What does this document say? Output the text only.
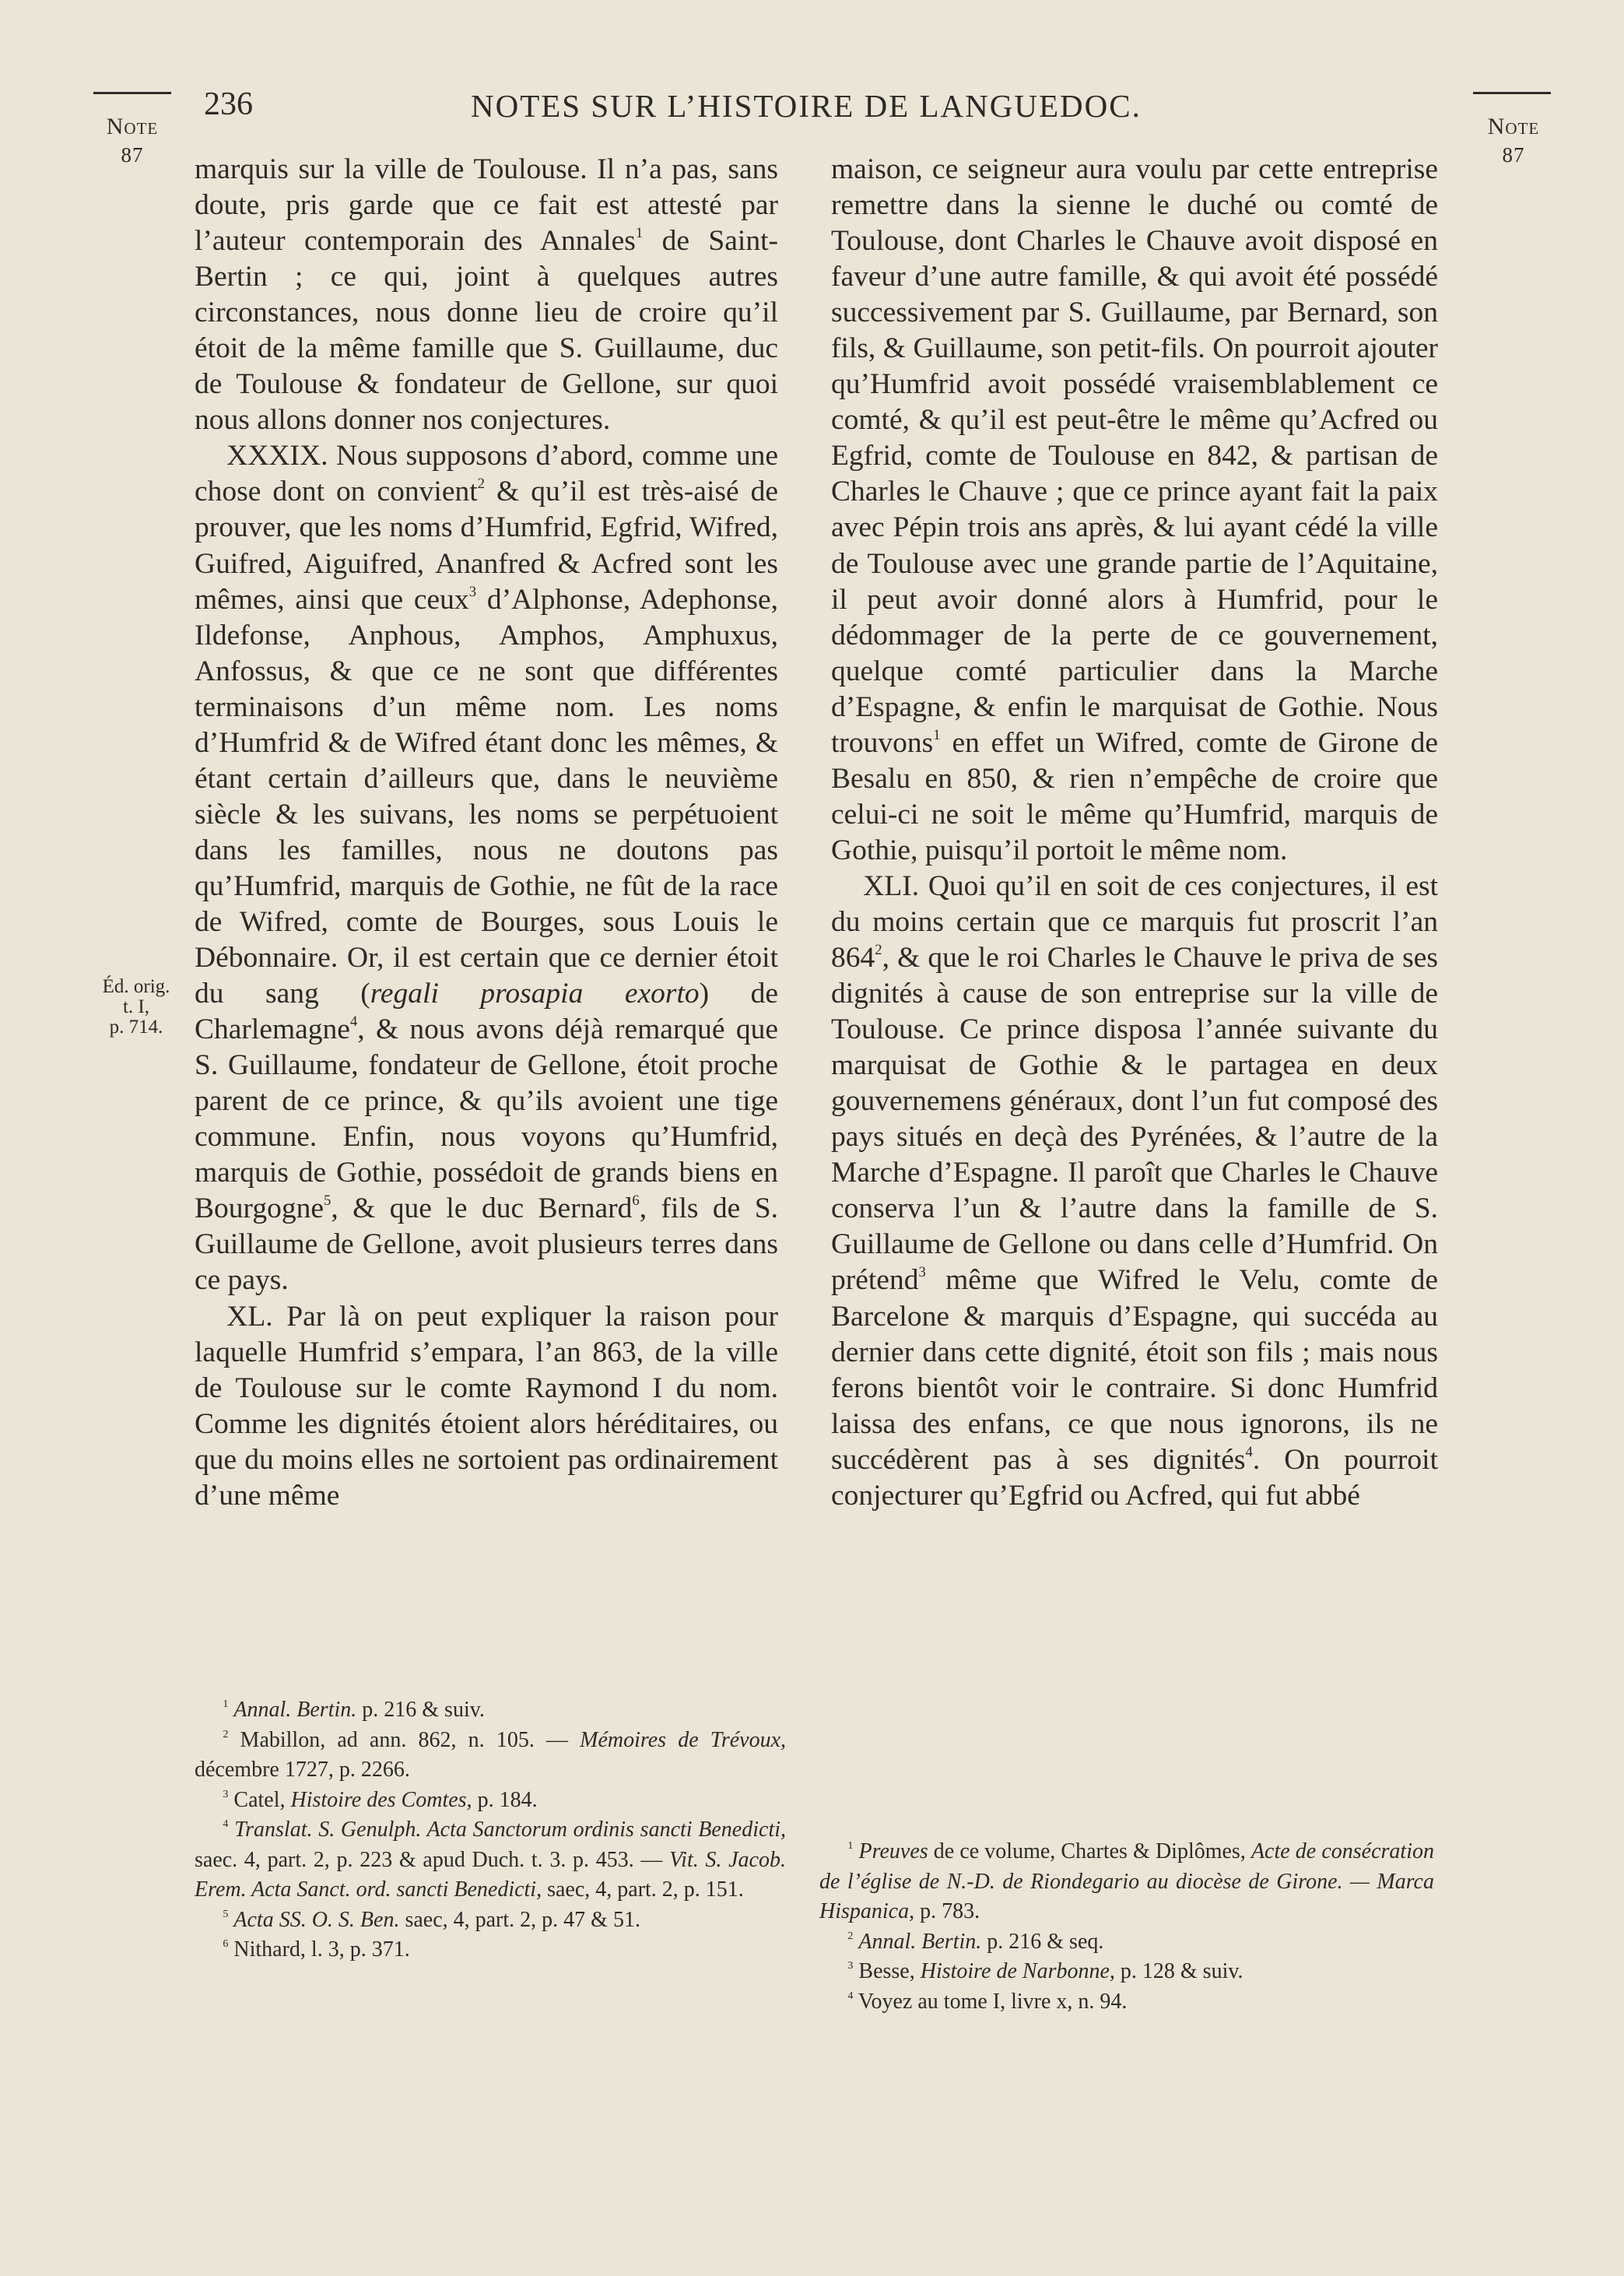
Note
87
Note
87
236	NOTES SUR L’HISTOIRE DE LANGUEDOC.
Éd. orig.
t. I,
p. 714.

marquis sur la ville de Toulouse. Il n’a pas, sans doute, pris garde que ce fait est attesté par l’auteur contemporain des Annales$^1$ de Saint-Bertin ; ce qui, joint à quelques autres circonstances, nous donne lieu de croire qu’il étoit de la même famille que S. Guillaume, duc de Toulouse & fondateur de Gellone, sur quoi nous allons donner nos conjectures.

XXXIX. Nous supposons d’abord, comme une chose dont on convient$^2$ & qu’il est très-aisé de prouver, que les noms d’Humfrid, Egfrid, Wifred, Guifred, Aiguifred, Ananfred & Acfred sont les mêmes, ainsi que ceux$^3$ d’Alphonse, Adephonse, Ildefonse, Anphous, Amphos, Amphuxus, Anfossus, & que ce ne sont que différentes terminaisons d’un même nom. Les noms d’Humfrid & de Wifred étant donc les mêmes, & étant certain d’ailleurs que, dans le neuvième siècle & les suivans, les noms se perpétuoient dans les familles, nous ne doutons pas qu’Humfrid, marquis de Gothie, ne fût de la race de Wifred, comte de Bourges, sous Louis le Débonnaire. Or, il est certain que ce dernier étoit du sang (regali prosapia exorto) de Charlemagne$^4$, & nous avons déjà remarqué que S. Guillaume, fondateur de Gellone, étoit proche parent de ce prince, & qu’ils avoient une tige commune. Enfin, nous voyons qu’Humfrid, marquis de Gothie, possédoit de grands biens en Bourgogne$^5$, & que le duc Bernard$^6$, fils de S. Guillaume de Gellone, avoit plusieurs terres dans ce pays.

XL. Par là on peut expliquer la raison pour laquelle Humfrid s’empara, l’an 863, de la ville de Toulouse sur le comte Raymond I du nom. Comme les dignités étoient alors héréditaires, ou que du moins elles ne sortoient pas ordinairement d’une même

maison, ce seigneur aura voulu par cette entreprise remettre dans la sienne le duché ou comté de Toulouse, dont Charles le Chauve avoit disposé en faveur d’une autre famille, & qui avoit été possédé successivement par S. Guillaume, par Bernard, son fils, & Guillaume, son petit-fils. On pourroit ajouter qu’Humfrid avoit possédé vraisemblablement ce comté, & qu’il est peut-être le même qu’Acfred ou Egfrid, comte de Toulouse en 842, & partisan de Charles le Chauve ; que ce prince ayant fait la paix avec Pépin trois ans après, & lui ayant cédé la ville de Toulouse avec une grande partie de l’Aquitaine, il peut avoir donné alors à Humfrid, pour le dédommager de la perte de ce gouvernement, quelque comté particulier dans la Marche d’Espagne, & enfin le marquisat de Gothie. Nous trouvons$^1$ en effet un Wifred, comte de Girone de Besalu en 850, & rien n’empêche de croire que celui-ci ne soit le même qu’Humfrid, marquis de Gothie, puisqu’il portoit le même nom.

XLI. Quoi qu’il en soit de ces conjectures, il est du moins certain que ce marquis fut proscrit l’an $864^2$, & que le roi Charles le Chauve le priva de ses dignités à cause de son entreprise sur la ville de Toulouse. Ce prince disposa l’année suivante du marquisat de Gothie & le partagea en deux gouvernemens généraux, dont l’un fut composé des pays situés en deçà des Pyrénées, & l’autre de la Marche d’Espagne. Il paroît que Charles le Chauve conserva l’un & l’autre dans la famille de S. Guillaume de Gellone ou dans celle d’Humfrid. On prétend$^3$ même que Wifred le Velu, comte de Barcelone & marquis d’Espagne, qui succéda au dernier dans cette dignité, étoit son fils ; mais nous ferons bientôt voir le contraire. Si donc Humfrid laissa des enfans, ce que nous ignorons, ils ne succédèrent pas à ses dignités$^4$. On pourroit conjecturer qu’Egfrid ou Acfred, qui fut abbé

$^1$ Annal. Bertin. p. 216 & suiv.

$^2$ Mabillon, ad ann. 862, n. 105. — Mémoires de Trévoux, décembre 1727, p. 2266.

$^3$ Catel, Histoire des Comtes, p. 184.

$^4$ Translat. S. Genulph. Acta Sanctorum ordinis sancti Benedicti, saec. 4, part. 2, p. 223 & apud Duch. t. 3. p. 453. — Vit. S. Jacob. Erem. Acta Sanct. ord. sancti Benedicti, saec, 4, part. 2, p. 151.

$^5$ Acta SS. O. S. Ben. saec, 4, part. 2, p. 47 & 51.

$^6$ Nithard, l. 3, p. 371.

$^1$ Preuves de ce volume, Chartes & Diplômes, Acte de consécration de l’église de N.-D. de Riondegario au diocèse de Girone. — Marca Hispanica, p. 783.

$^2$ Annal. Bertin. p. 216 & seq.

$^3$ Besse, Histoire de Narbonne, p. 128 & suiv.

$^4$ Voyez au tome I, livre x, n. 94.
